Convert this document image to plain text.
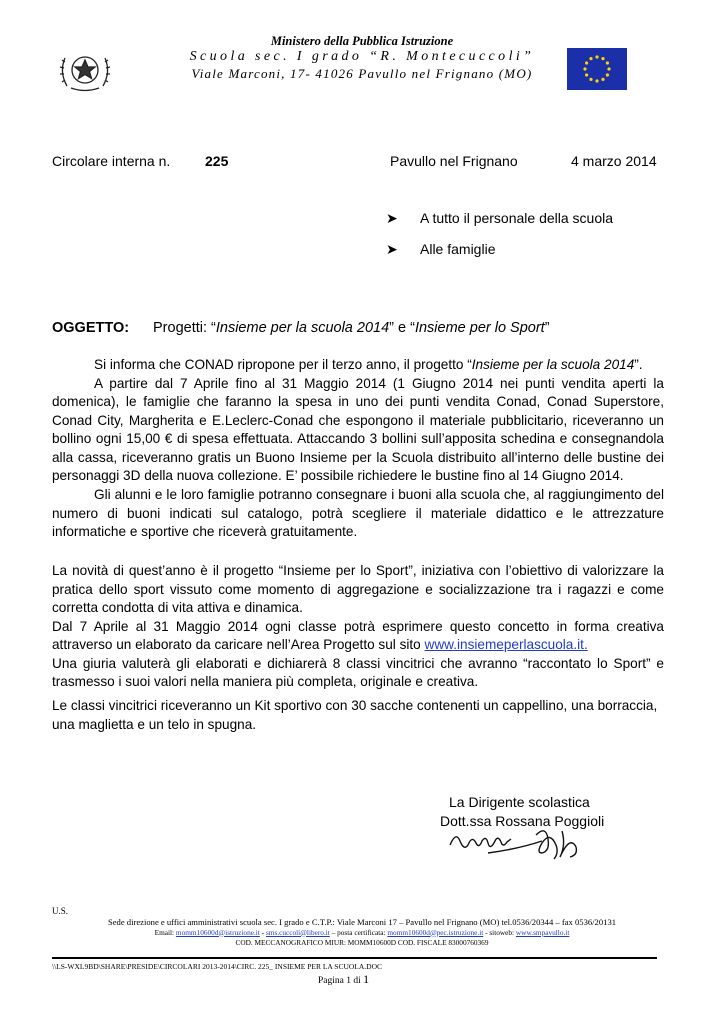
Ministero della Pubblica Istruzione
Scuola sec. I grado “R. Montecuccoli”
Viale Marconi, 17- 41026 Pavullo nel Frignano (MO)
Circolare interna n. 225	Pavullo nel Frignano	4 marzo 2014
➤ A tutto il personale della scuola
➤ Alle famiglie
OGGETTO: Progetti: “Insieme per la scuola 2014” e “Insieme per lo Sport”
Si informa che CONAD ripropone per il terzo anno, il progetto “Insieme per la scuola 2014”.
A partire dal 7 Aprile fino al 31 Maggio 2014 (1 Giugno 2014 nei punti vendita aperti la domenica), le famiglie che faranno la spesa in uno dei punti vendita Conad, Conad Superstore, Conad City, Margherita e E.Leclerc-Conad che espongono il materiale pubblicitario, riceveranno un bollino ogni 15,00 € di spesa effettuata. Attaccando 3 bollini sull’apposita schedina e consegnandola alla cassa, riceveranno gratis un Buono Insieme per la Scuola distribuito all’interno delle bustine dei personaggi 3D della nuova collezione. E’ possibile richiedere le bustine fino al 14 Giugno 2014.
Gli alunni e le loro famiglie potranno consegnare i buoni alla scuola che, al raggiungimento del numero di buoni indicati sul catalogo, potrà scegliere il materiale didattico e le attrezzature informatiche e sportive che riceverà gratuitamente.
La novità di quest’anno è il progetto “Insieme per lo Sport”, iniziativa con l’obiettivo di valorizzare la pratica dello sport vissuto come momento di aggregazione e socializzazione tra i ragazzi e come corretta condotta di vita attiva e dinamica.
Dal 7 Aprile al 31 Maggio 2014 ogni classe potrà esprimere questo concetto in forma creativa attraverso un elaborato da caricare nell’Area Progetto sul sito www.insiemeperlascuola.it.
Una giuria valuterà gli elaborati e dichiarerà 8 classi vincitrici che avranno “raccontato lo Sport” e trasmesso i suoi valori nella maniera più completa, originale e creativa.
Le classi vincitrici riceveranno un Kit sportivo con 30 sacche contenenti un cappellino, una borraccia, una maglietta e un telo in spugna.
La Dirigente scolastica
Dott.ssa Rossana Poggioli
U.S.
Sede direzione e uffici amministrativi scuola sec. I grado e C.T.P.: Viale Marconi 17 – Pavullo nel Frignano (MO) tel.0536/20344 – fax 0536/20131
Email: momm10600d@istruzione.it - sms.cuccoli@libero.it – posta certificata: momm10600d@pec.istruzione.it - sitoweb: www.smpavullo.it
COD. MECCANOGRAFICO MIUR: MOMM10600D COD. FISCALE 83000760369
\\LS-WXL9BD\SHARE\PRESIDE\CIRCOLARI 2013-2014\CIRC. 225_ INSIEME PER LA SCUOLA.DOC
Pagina 1 di 1
